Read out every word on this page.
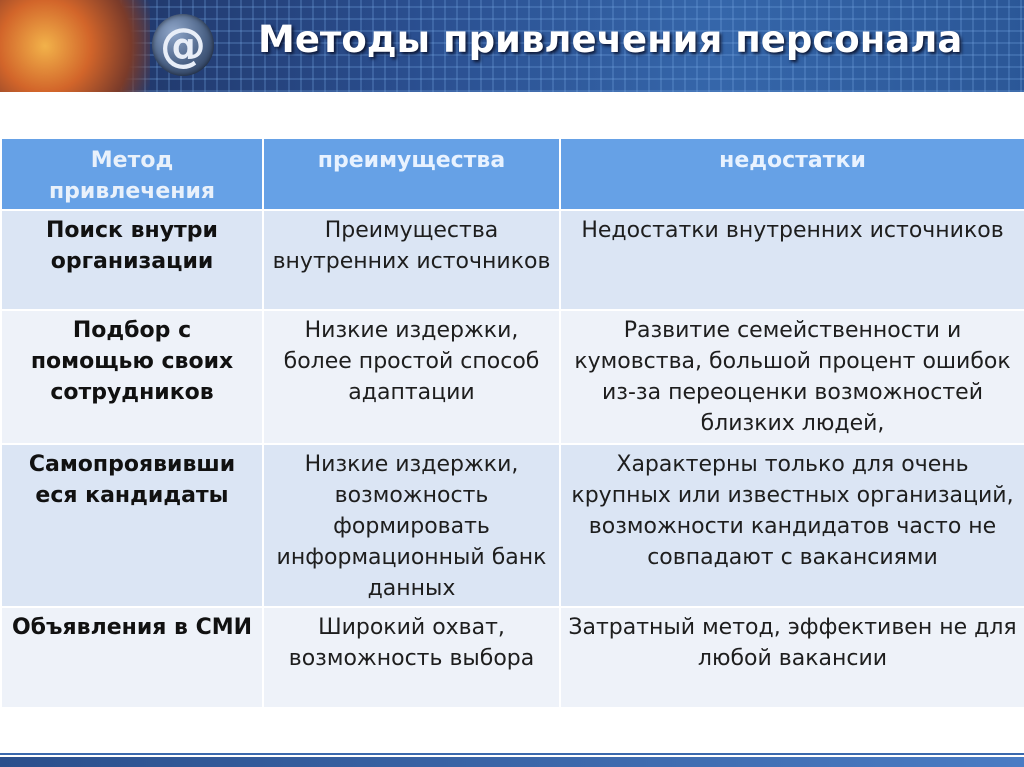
@ Методы привлечения персонала
Метод привлечения	преимущества	недостатки
Поиск внутри организации	Преимущества внутренних источников	Недостатки внутренних источников
Подбор с помощью своих сотрудников	Низкие издержки, более простой способ адаптации	Развитие семейственности и кумовства, большой процент ошибок из-за переоценки возможностей близких людей,
Самопроявивши еся кандидаты	Низкие издержки, возможность формировать информационный банк данных	Характерны только для очень крупных или известных организаций, возможности кандидатов часто не совпадают с вакансиями
Объявления в СМИ	Широкий охват, возможность выбора	Затратный метод, эффективен не для любой вакансии
